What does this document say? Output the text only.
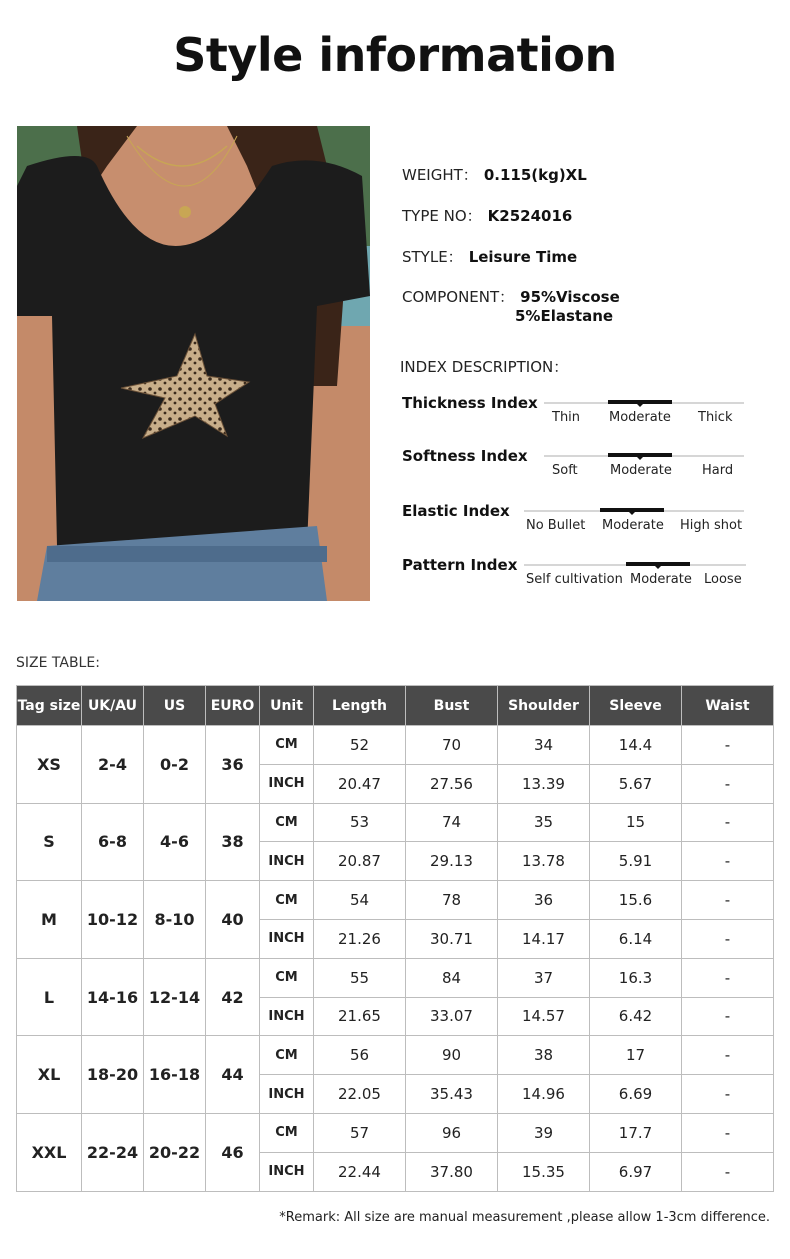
Style information
WEIGHT： 0.115(kg)XL
TYPE NO： K2524016
STYLE： Leisure Time
COMPONENT： 95%Viscose
5%Elastane
INDEX DESCRIPTION：
Thickness Index
Thin Moderate Thick
Softness Index
Soft Moderate Hard
Elastic Index
No Bullet Moderate High shot
Pattern Index
Self cultivation Moderate Loose
SIZE TABLE:
Tag size	UK/AU	US	EURO	Unit	Length	Bust	Shoulder	Sleeve	Waist
XS	2-4	0-2	36	CM	52	70	34	14.4	-
				INCH	20.47	27.56	13.39	5.67	-
S	6-8	4-6	38	CM	53	74	35	15	-
				INCH	20.87	29.13	13.78	5.91	-
M	10-12	8-10	40	CM	54	78	36	15.6	-
				INCH	21.26	30.71	14.17	6.14	-
L	14-16	12-14	42	CM	55	84	37	16.3	-
				INCH	21.65	33.07	14.57	6.42	-
XL	18-20	16-18	44	CM	56	90	38	17	-
				INCH	22.05	35.43	14.96	6.69	-
XXL	22-24	20-22	46	CM	57	96	39	17.7	-
				INCH	22.44	37.80	15.35	6.97	-
*Remark: All size are manual measurement ,please allow 1-3cm difference.
